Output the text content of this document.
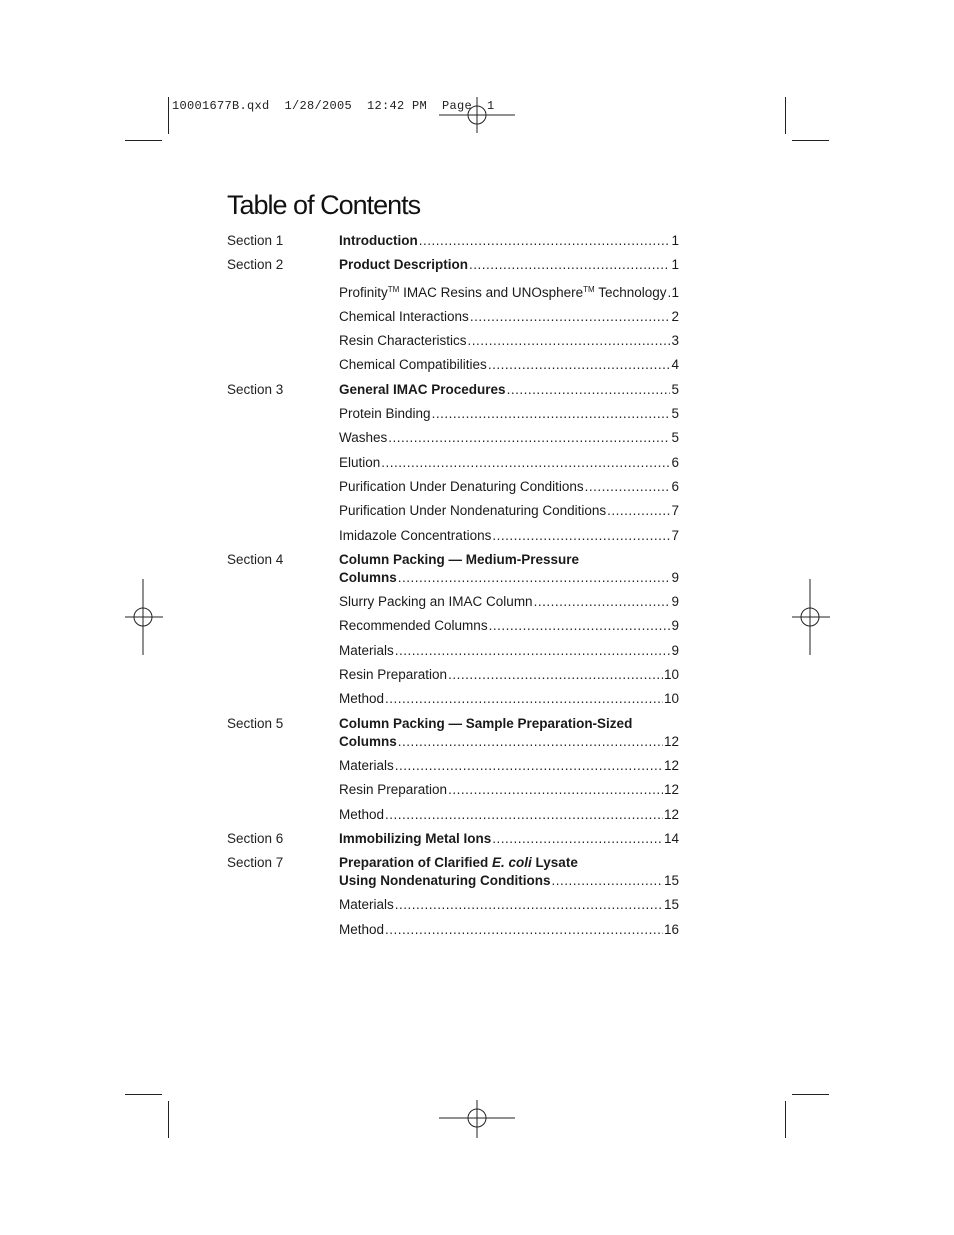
10001677B.qxd  1/28/2005  12:42 PM  Page  1
Table of Contents
Section 1	Introduction .....	1
Section 2	Product Description .....	1
Profinity™ IMAC Resins and UNOsphere™ Technology ..... 1
Chemical Interactions .....	2
Resin Characteristics .....	3
Chemical Compatibilities .....	4
Section 3	General IMAC Procedures .....	5
Protein Binding .....	5
Washes .....	5
Elution .....	6
Purification Under Denaturing Conditions .....	6
Purification Under Nondenaturing Conditions .....	7
Imidazole Concentrations .....	7
Section 4	Column Packing — Medium-Pressure
Columns .....	9
Slurry Packing an IMAC Column .....	9
Recommended Columns .....	9
Materials .....	9
Resin Preparation .....	10
Method .....	10
Section 5	Column Packing — Sample Preparation-Sized
Columns .....	12
Materials .....	12
Resin Preparation .....	12
Method .....	12
Section 6	Immobilizing Metal Ions .....	14
Section 7	Preparation of Clarified E. coli Lysate
Using Nondenaturing Conditions .....	15
Materials .....	15
Method .....	16
